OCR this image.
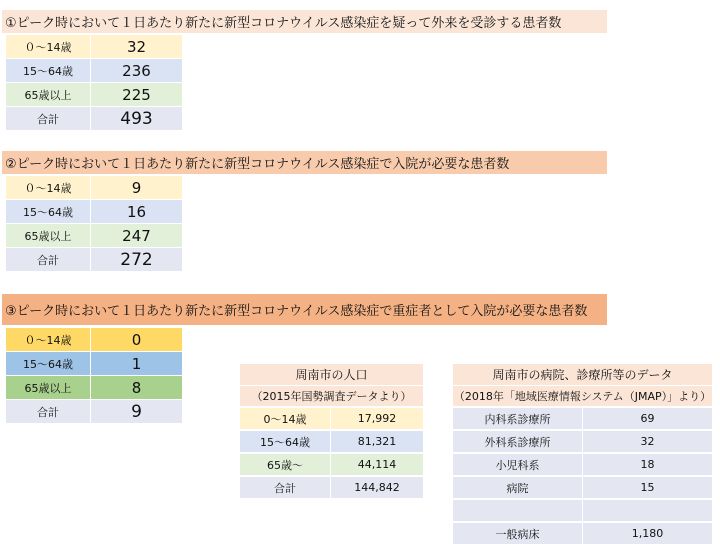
①ピーク時において１日あたり新たに新型コロナウイルス感染症を疑って外来を受診する患者数
０～14歳	32
15～64歳	236
65歳以上	225
合計	493
②ピーク時において１日あたり新たに新型コロナウイルス感染症で入院が必要な患者数
０～14歳	9
15～64歳	16
65歳以上	247
合計	272
③ピーク時において１日あたり新たに新型コロナウイルス感染症で重症者として入院が必要な患者数
０～14歳	0
15～64歳	1
65歳以上	8
合計	9
周南市の人口
（2015年国勢調査データより）
0～14歳	17,992
15～64歳	81,321
65歳～	44,114
合計	144,842
周南市の病院、診療所等のデータ
（2018年「地域医療情報システム（JMAP）」より）
内科系診療所	69
外科系診療所	32
小児科系	18
病院	15
一般病床	1,180
